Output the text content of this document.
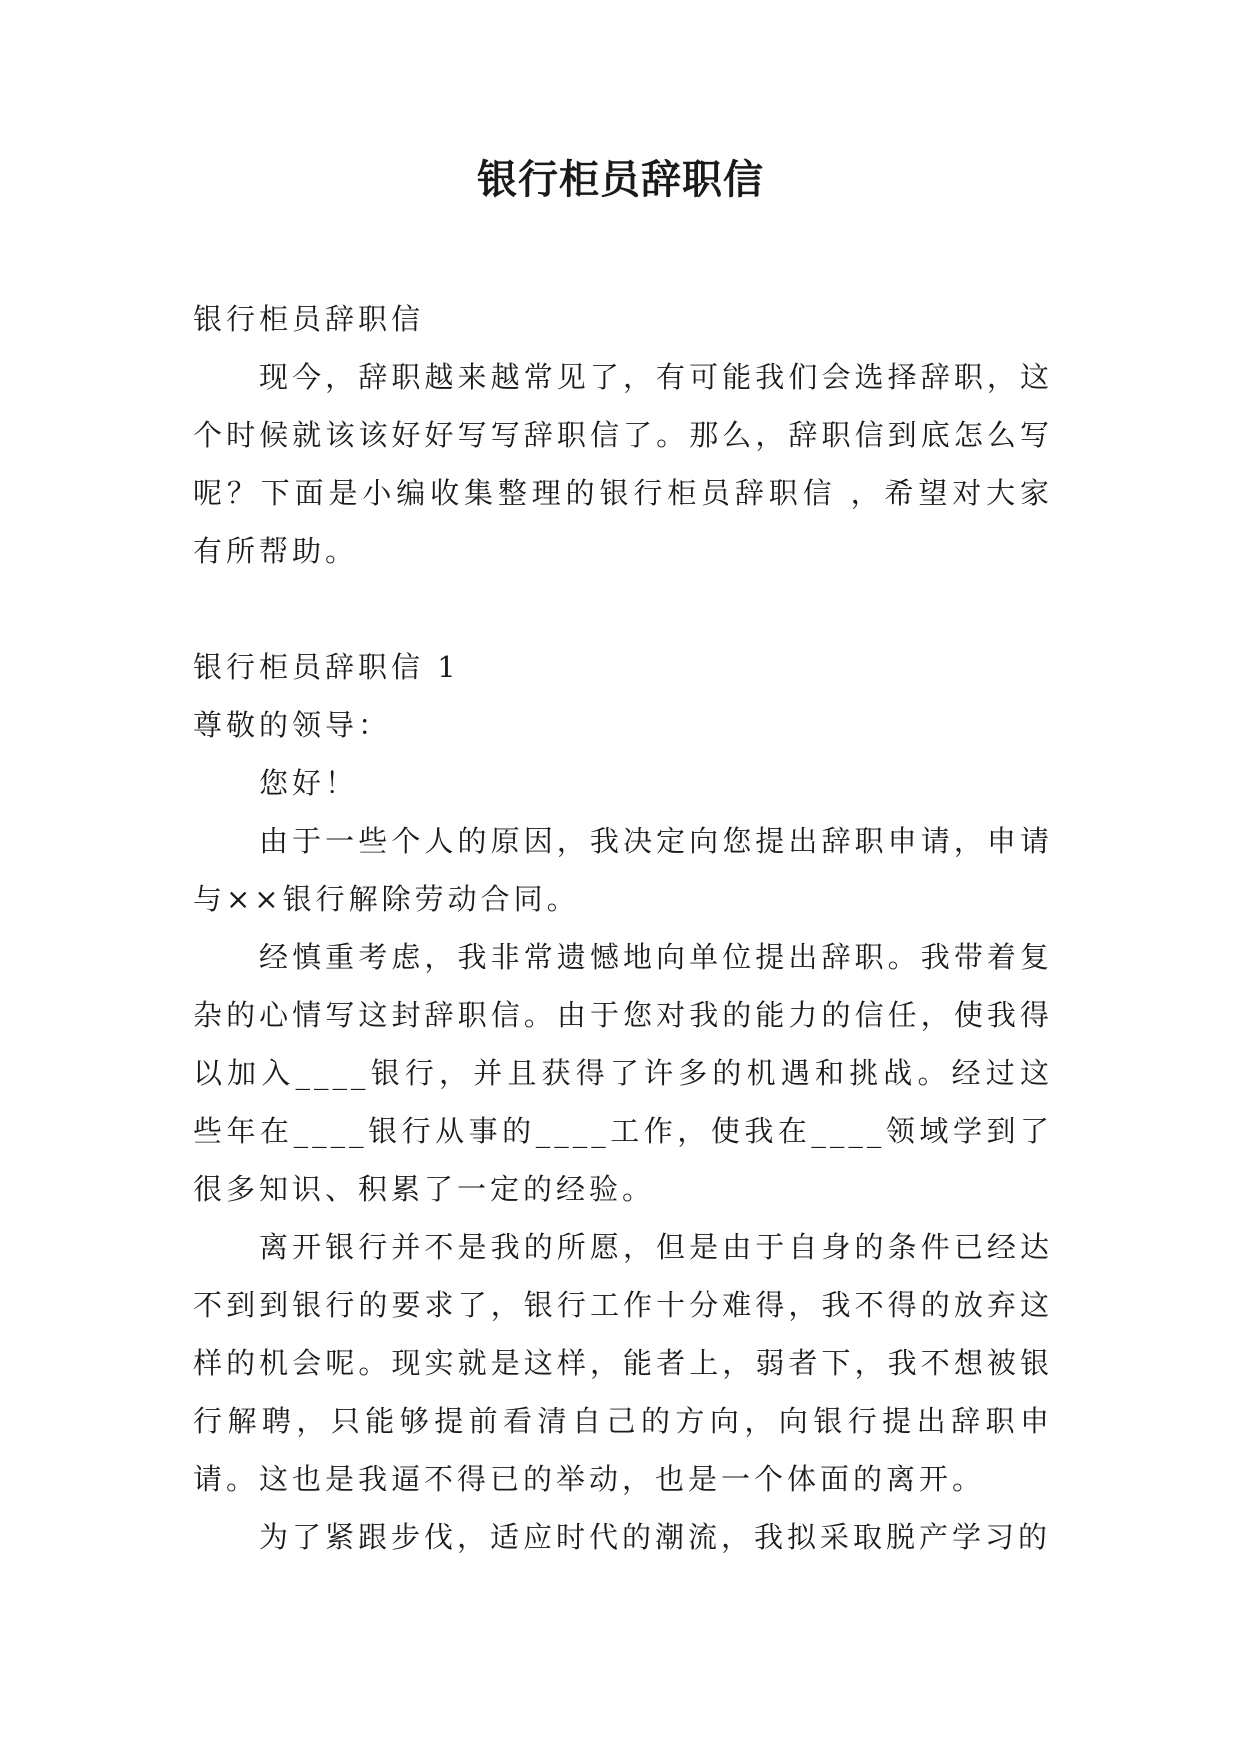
银行柜员辞职信

银行柜员辞职信

现今，辞职越来越常见了，有可能我们会选择辞职，这个时候就该该好好写写辞职信了。那么，辞职信到底怎么写呢？下面是小编收集整理的银行柜员辞职信 ，希望对大家有所帮助。

银行柜员辞职信 1

尊敬的领导：

您好！

由于一些个人的原因，我决定向您提出辞职申请，申请与××银行解除劳动合同。

经慎重考虑，我非常遗憾地向单位提出辞职。我带着复杂的心情写这封辞职信。由于您对我的能力的信任，使我得以加入____银行，并且获得了许多的机遇和挑战。经过这些年在____银行从事的____工作，使我在____领域学到了很多知识、积累了一定的经验。

离开银行并不是我的所愿，但是由于自身的条件已经达不到到银行的要求了，银行工作十分难得，我不得的放弃这样的机会呢。现实就是这样，能者上，弱者下，我不想被银行解聘，只能够提前看清自己的方向，向银行提出辞职申请。这也是我逼不得已的举动，也是一个体面的离开。

为了紧跟步伐，适应时代的潮流，我拟采取脱产学习的
